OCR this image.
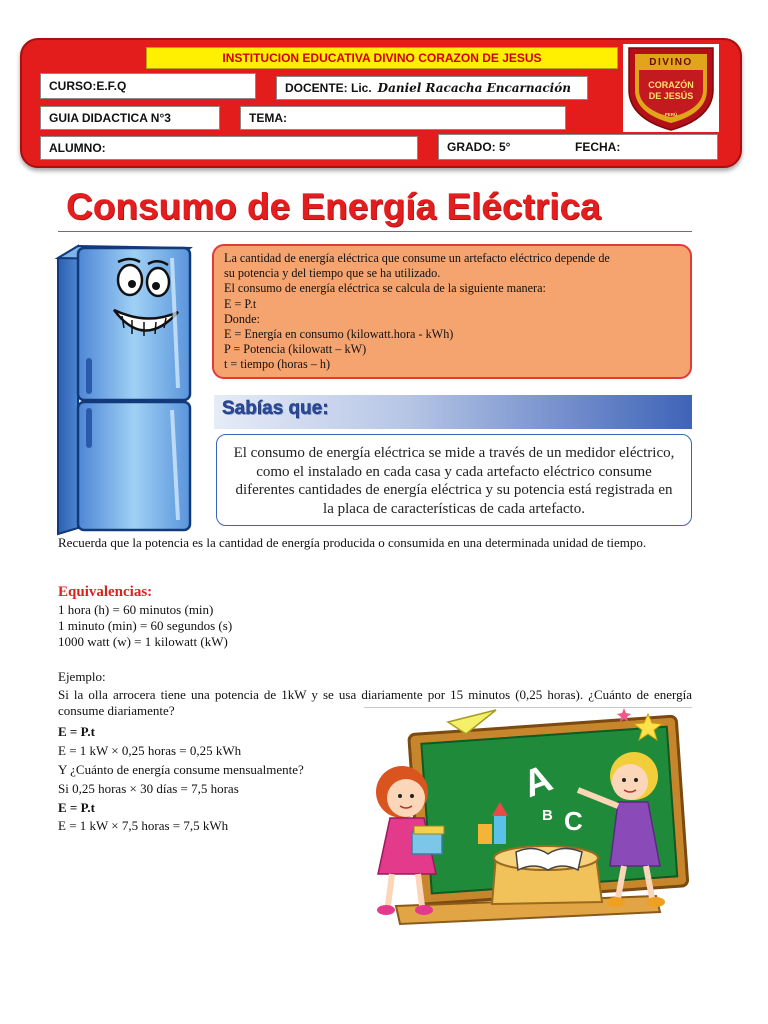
INSTITUCION EDUCATIVA DIVINO CORAZON DE JESUS
CURSO:E.F.Q	DOCENTE: Lic. Daniel Racacha Encarnación
GUIA DIDACTICA N°3	TEMA:
ALUMNO:	GRADO: 5°	FECHA:
DIVINO
CORAZÓN
DE JESÚS
PERÚ
Consumo de Energía Eléctrica
La cantidad de energía eléctrica que consume un artefacto eléctrico depende de
su potencia y del tiempo que se ha utilizado.
El consumo de energía eléctrica se calcula de la siguiente manera:
E = P.t
Donde:
E = Energía en consumo (kilowatt.hora - kWh)
P = Potencia (kilowatt – kW)
t = tiempo (horas – h)
Sabías que:
El consumo de energía eléctrica se mide a través de un medidor eléctrico, como el instalado en cada casa y cada artefacto eléctrico consume diferentes cantidades de energía eléctrica y su potencia está registrada en la placa de características de cada artefacto.
Recuerda que la potencia es la cantidad de energía producida o consumida en una determinada unidad de tiempo.
Equivalencias:
1 hora (h) = 60 minutos (min)
1 minuto (min) = 60 segundos (s)
1000 watt (w) = 1 kilowatt (kW)
Ejemplo:
Si la olla arrocera tiene una potencia de 1kW y se usa diariamente por 15 minutos (0,25 horas). ¿Cuánto de energía consume diariamente?
E = P.t
E = 1 kW × 0,25 horas = 0,25 kWh
Y ¿Cuánto de energía consume mensualmente?
Si 0,25 horas × 30 días = 7,5 horas
E = P.t
E = 1 kW × 7,5 horas = 7,5 kWh
A
B C
